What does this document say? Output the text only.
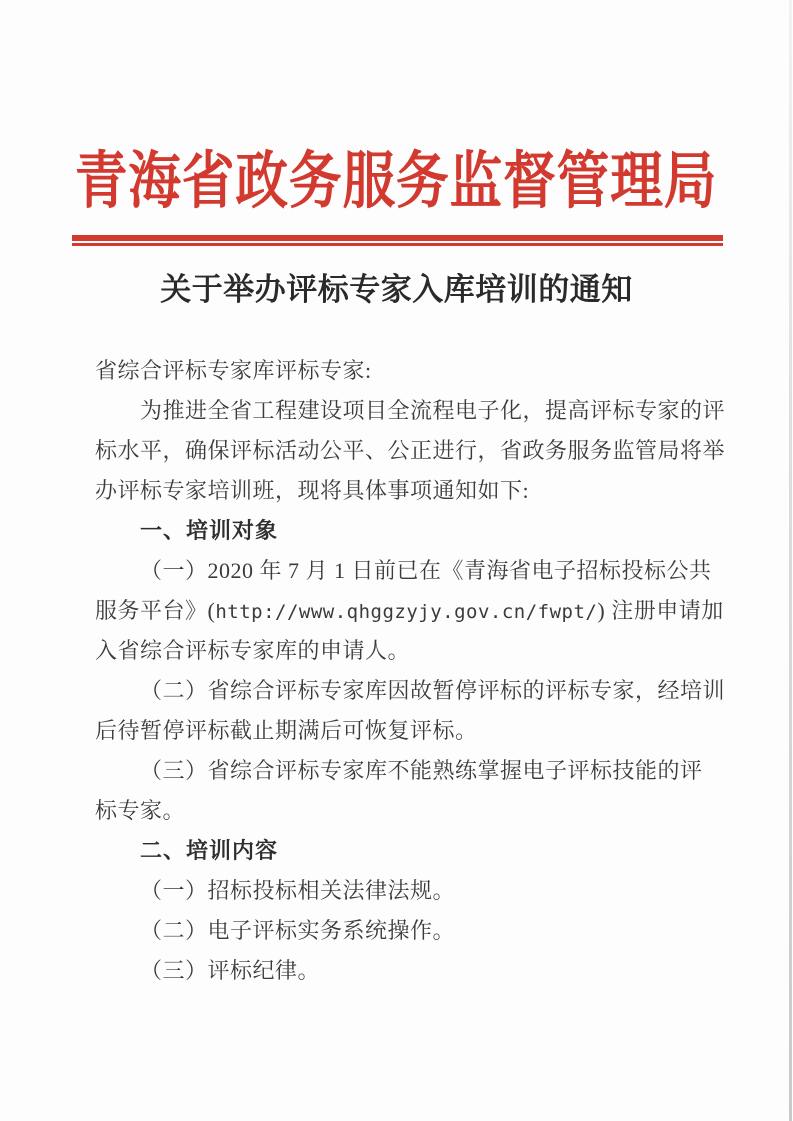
青海省政务服务监督管理局
关于举办评标专家入库培训的通知
省综合评标专家库评标专家:
为推进全省工程建设项目全流程电子化，提高评标专家的评
标水平，确保评标活动公平、公正进行，省政务服务监管局将举
办评标专家培训班，现将具体事项通知如下:
一、培训对象
（一）2020 年 7 月 1 日前已在《青海省电子招标投标公共
服务平台》(http://www.qhggzyjy.gov.cn/fwpt/) 注册申请加
入省综合评标专家库的申请人。
（二）省综合评标专家库因故暂停评标的评标专家，经培训
后待暂停评标截止期满后可恢复评标。
（三）省综合评标专家库不能熟练掌握电子评标技能的评
标专家。
二、培训内容
（一）招标投标相关法律法规。
（二）电子评标实务系统操作。
（三）评标纪律。
